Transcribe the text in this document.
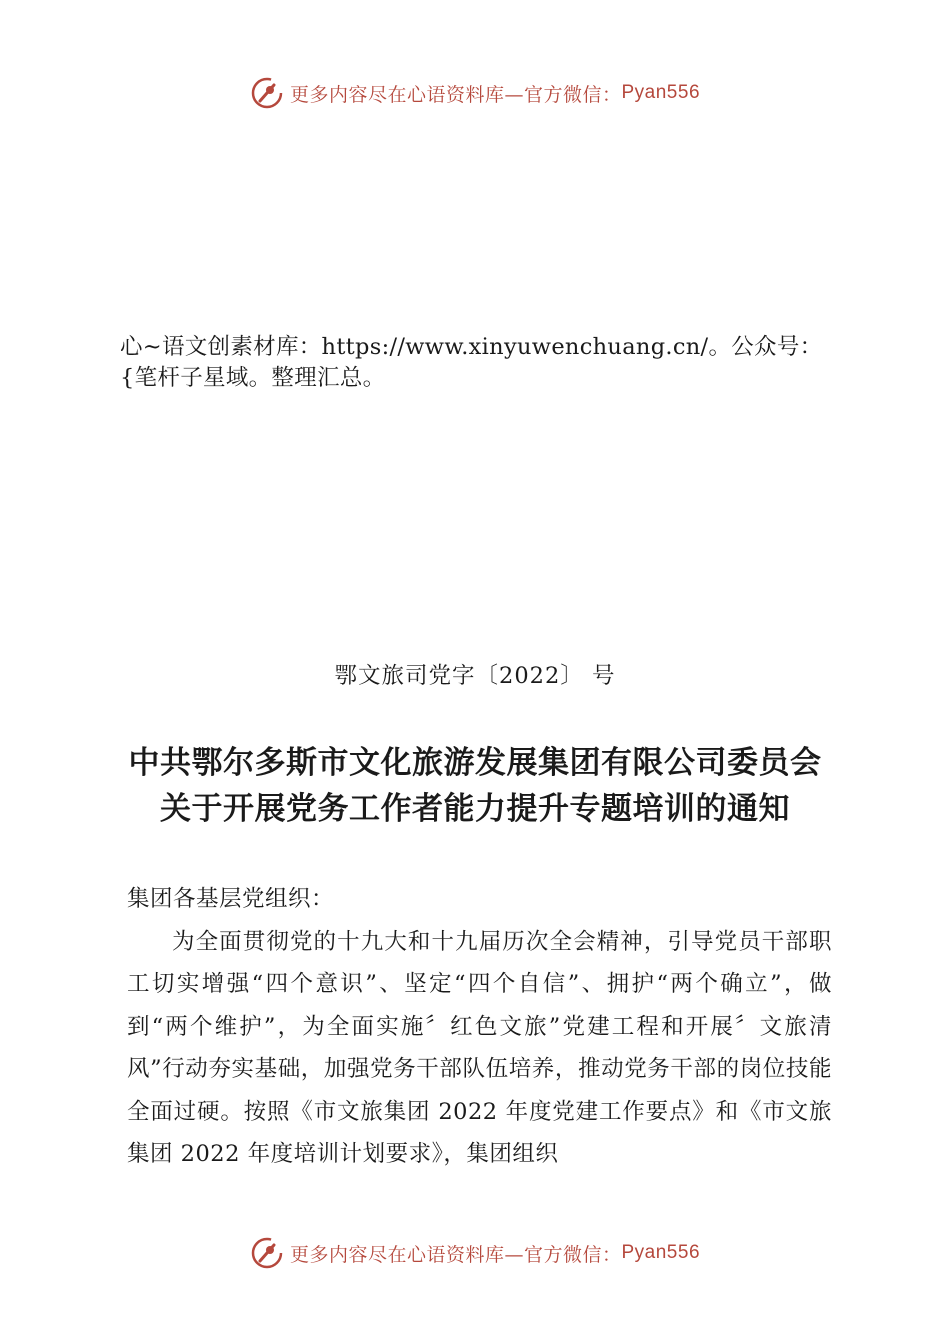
更多内容尽在心语资料库—官方微信： Pyan556

心~语文创素材库：https://www.xinyuwenchuang.cn/。公众号：

{笔杆子星域。整理汇总。

鄂文旅司党字〔2022〕 号

中共鄂尔多斯市文化旅游发展集团有限公司委员会

关于开展党务工作者能力提升专题培训的通知

集团各基层党组织：

为全面贯彻党的十九大和十九届历次全会精神，引导党员干部职工切实增强“四个意识”、坚定“四个自信”、拥护“两个确立”，做到“两个维护”，为全面实施〞红色文旅”党建工程和开展〞文旅清风”行动夯实基础，加强党务干部队伍培养，推动党务干部的岗位技能全面过硬。按照《市文旅集团 2022 年度党建工作要点》和《市文旅集团 2022 年度培训计划要求》，集团组织

更多内容尽在心语资料库—官方微信： Pyan556
